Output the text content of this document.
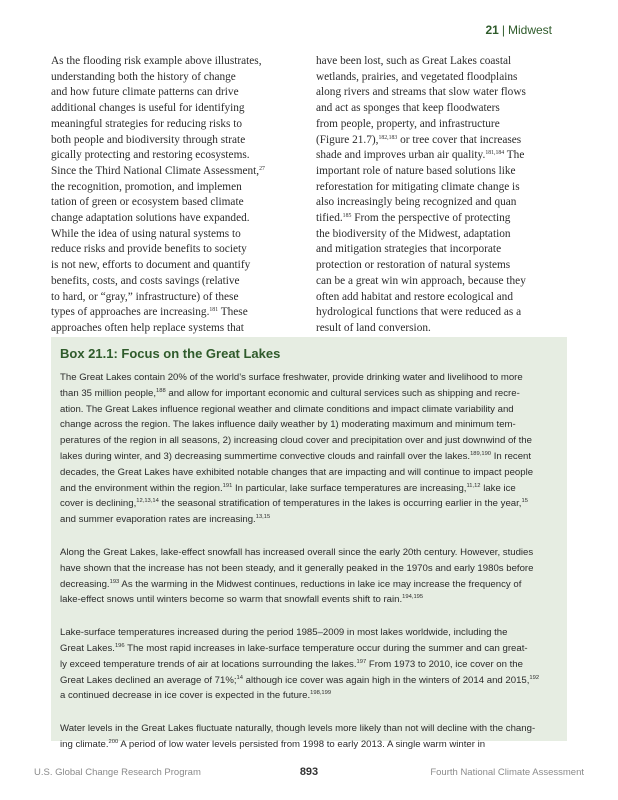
21 | Midwest
As the flooding risk example above illustrates,
understanding both the history of change
and how future climate patterns can drive
additional changes is useful for identifying
meaningful strategies for reducing risks to
both people and biodiversity through strate
gically protecting and restoring ecosystems.
Since the Third National Climate Assessment,$^{27}$
the recognition, promotion, and implemen
tation of green or ecosystem based climate
change adaptation solutions have expanded.
While the idea of using natural systems to
reduce risks and provide benefits to society
is not new, efforts to document and quantify
benefits, costs, and costs savings (relative
to hard, or “gray,” infrastructure) of these
types of approaches are increasing.$^{181}$ These
approaches often help replace systems that
have been lost, such as Great Lakes coastal
wetlands, prairies, and vegetated floodplains
along rivers and streams that slow water flows
and act as sponges that keep floodwaters
from people, property, and infrastructure
(Figure 21.7),$^{182,183}$ or tree cover that increases
shade and improves urban air quality.$^{181,184}$ The
important role of nature based solutions like
reforestation for mitigating climate change is
also increasingly being recognized and quan
tified.$^{185}$ From the perspective of protecting
the biodiversity of the Midwest, adaptation
and mitigation strategies that incorporate
protection or restoration of natural systems
can be a great win win approach, because they
often add habitat and restore ecological and
hydrological functions that were reduced as a
result of land conversion.
Box 21.1: Focus on the Great Lakes
The Great Lakes contain 20% of the world’s surface freshwater, provide drinking water and livelihood to more
than 35 million people,$^{188}$ and allow for important economic and cultural services such as shipping and recre-
ation. The Great Lakes influence regional weather and climate conditions and impact climate variability and
change across the region. The lakes influence daily weather by 1) moderating maximum and minimum tem-
peratures of the region in all seasons, 2) increasing cloud cover and precipitation over and just downwind of the
lakes during winter, and 3) decreasing summertime convective clouds and rainfall over the lakes.$^{189,190}$ In recent
decades, the Great Lakes have exhibited notable changes that are impacting and will continue to impact people
and the environment within the region.$^{191}$ In particular, lake surface temperatures are increasing,$^{11,12}$ lake ice
cover is declining,$^{12,13,14}$ the seasonal stratification of temperatures in the lakes is occurring earlier in the year,$^{15}$
and summer evaporation rates are increasing.$^{13,15}$
Along the Great Lakes, lake-effect snowfall has increased overall since the early 20th century. However, studies
have shown that the increase has not been steady, and it generally peaked in the 1970s and early 1980s before
decreasing.$^{193}$ As the warming in the Midwest continues, reductions in lake ice may increase the frequency of
lake-effect snows until winters become so warm that snowfall events shift to rain.$^{194,195}$
Lake-surface temperatures increased during the period 1985–2009 in most lakes worldwide, including the
Great Lakes.$^{196}$ The most rapid increases in lake-surface temperature occur during the summer and can great-
ly exceed temperature trends of air at locations surrounding the lakes.$^{197}$ From 1973 to 2010, ice cover on the
Great Lakes declined an average of 71%;$^{14}$ although ice cover was again high in the winters of 2014 and 2015,$^{192}$
a continued decrease in ice cover is expected in the future.$^{198,199}$
Water levels in the Great Lakes fluctuate naturally, though levels more likely than not will decline with the chang-
ing climate.$^{200}$ A period of low water levels persisted from 1998 to early 2013. A single warm winter in
U.S. Global Change Research Program	893	Fourth National Climate Assessment
